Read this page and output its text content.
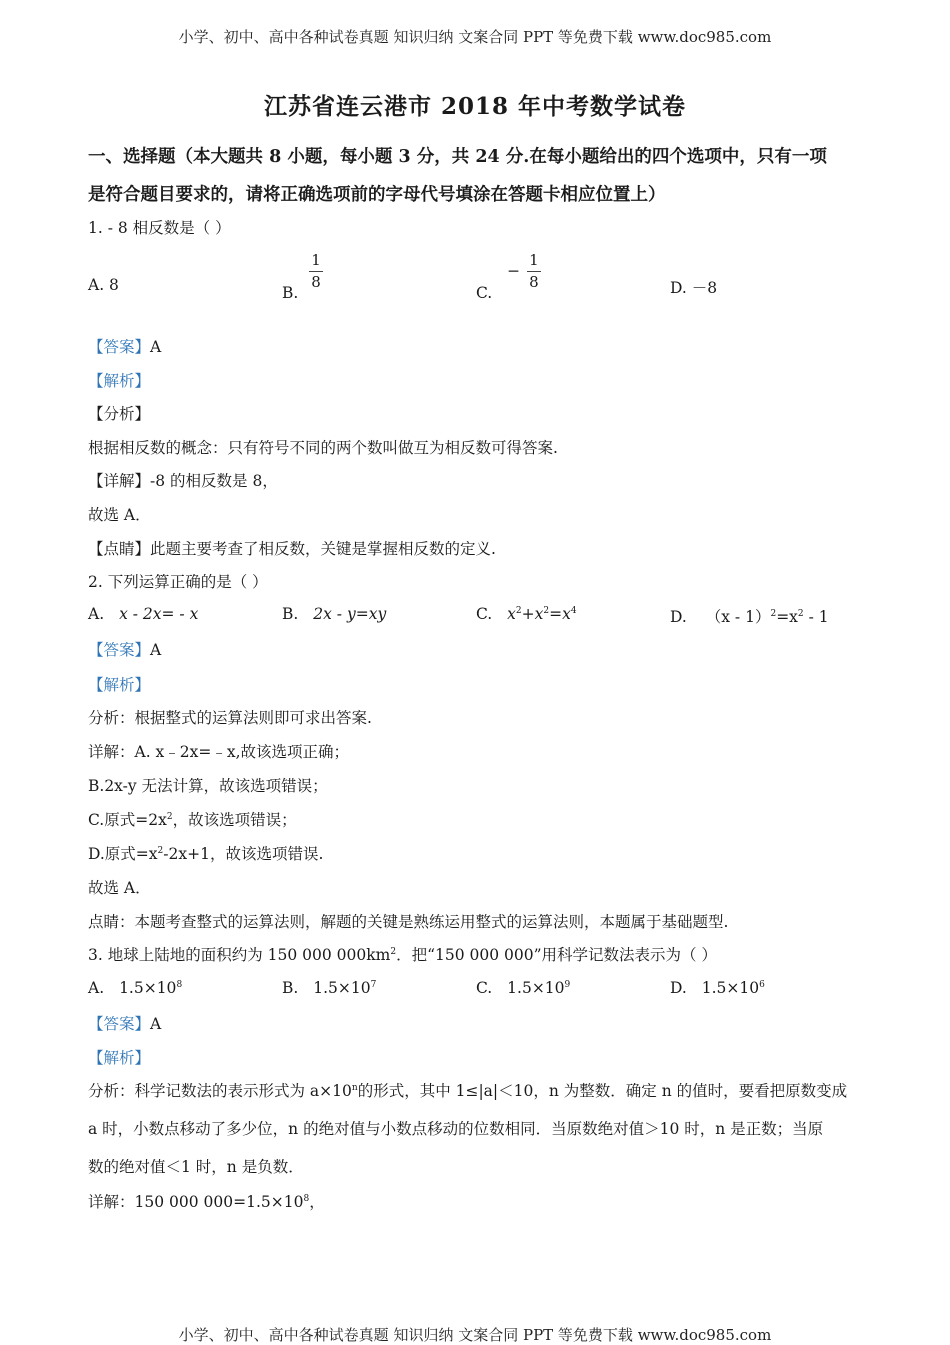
小学、初中、高中各种试卷真题 知识归纳 文案合同 PPT 等免费下载 www.doc985.com
江苏省连云港市 2018 年中考数学试卷
一、选择题（本大题共 8 小题，每小题 3 分，共 24 分.在每小题给出的四个选项中，只有一项
是符合题目要求的，请将正确选项前的字母代号填涂在答题卡相应位置上）
1. - 8 相反数是（ ）
A. 8	B.
$\frac{1}{8}$
C. − $\frac{1}{8}$	D. －8
【答案】A
【解析】
【分析】
根据相反数的概念：只有符号不同的两个数叫做互为相反数可得答案.
【详解】-8 的相反数是 8，
故选 A．
【点睛】此题主要考查了相反数，关键是掌握相反数的定义.
2. 下列运算正确的是（ ）
A. x - 2x= - x	B. 2x - y=xy	C. $x^2+x^2=x^4$	D. $(x - 1)^2=x^2 - 1$
【答案】A
【解析】
分析：根据整式的运算法则即可求出答案.
详解：A. x﹣2x=﹣x,故该选项正确；
B.2x-y 无法计算，故该选项错误；
C.原式$=2x^2$，故该选项错误；
D.原式$=x^2-2x+1$，故该选项错误.
故选 A．
点睛：本题考查整式的运算法则，解题的关键是熟练运用整式的运算法则，本题属于基础题型.
3. 地球上陆地的面积约为 150 000 $000km^2$．把“150 000 000”用科学记数法表示为（ ）
A. $1.5\times 10^8$	B. $1.5\times 10^7$	C. $1.5\times 10^9$	D. $1.5\times 10^6$
【答案】A
【解析】
分析：科学记数法的表示形式为 $a\times 10^n$的形式，其中 1≤|a|＜10，n 为整数．确定 n 的值时，要看把原数变成
a 时，小数点移动了多少位，n 的绝对值与小数点移动的位数相同．当原数绝对值＞10 时，n 是正数；当原
数的绝对值＜1 时，n 是负数．
详解：150 000 $000=1.5\times 10^8$，
小学、初中、高中各种试卷真题 知识归纳 文案合同 PPT 等免费下载 www.doc985.com
